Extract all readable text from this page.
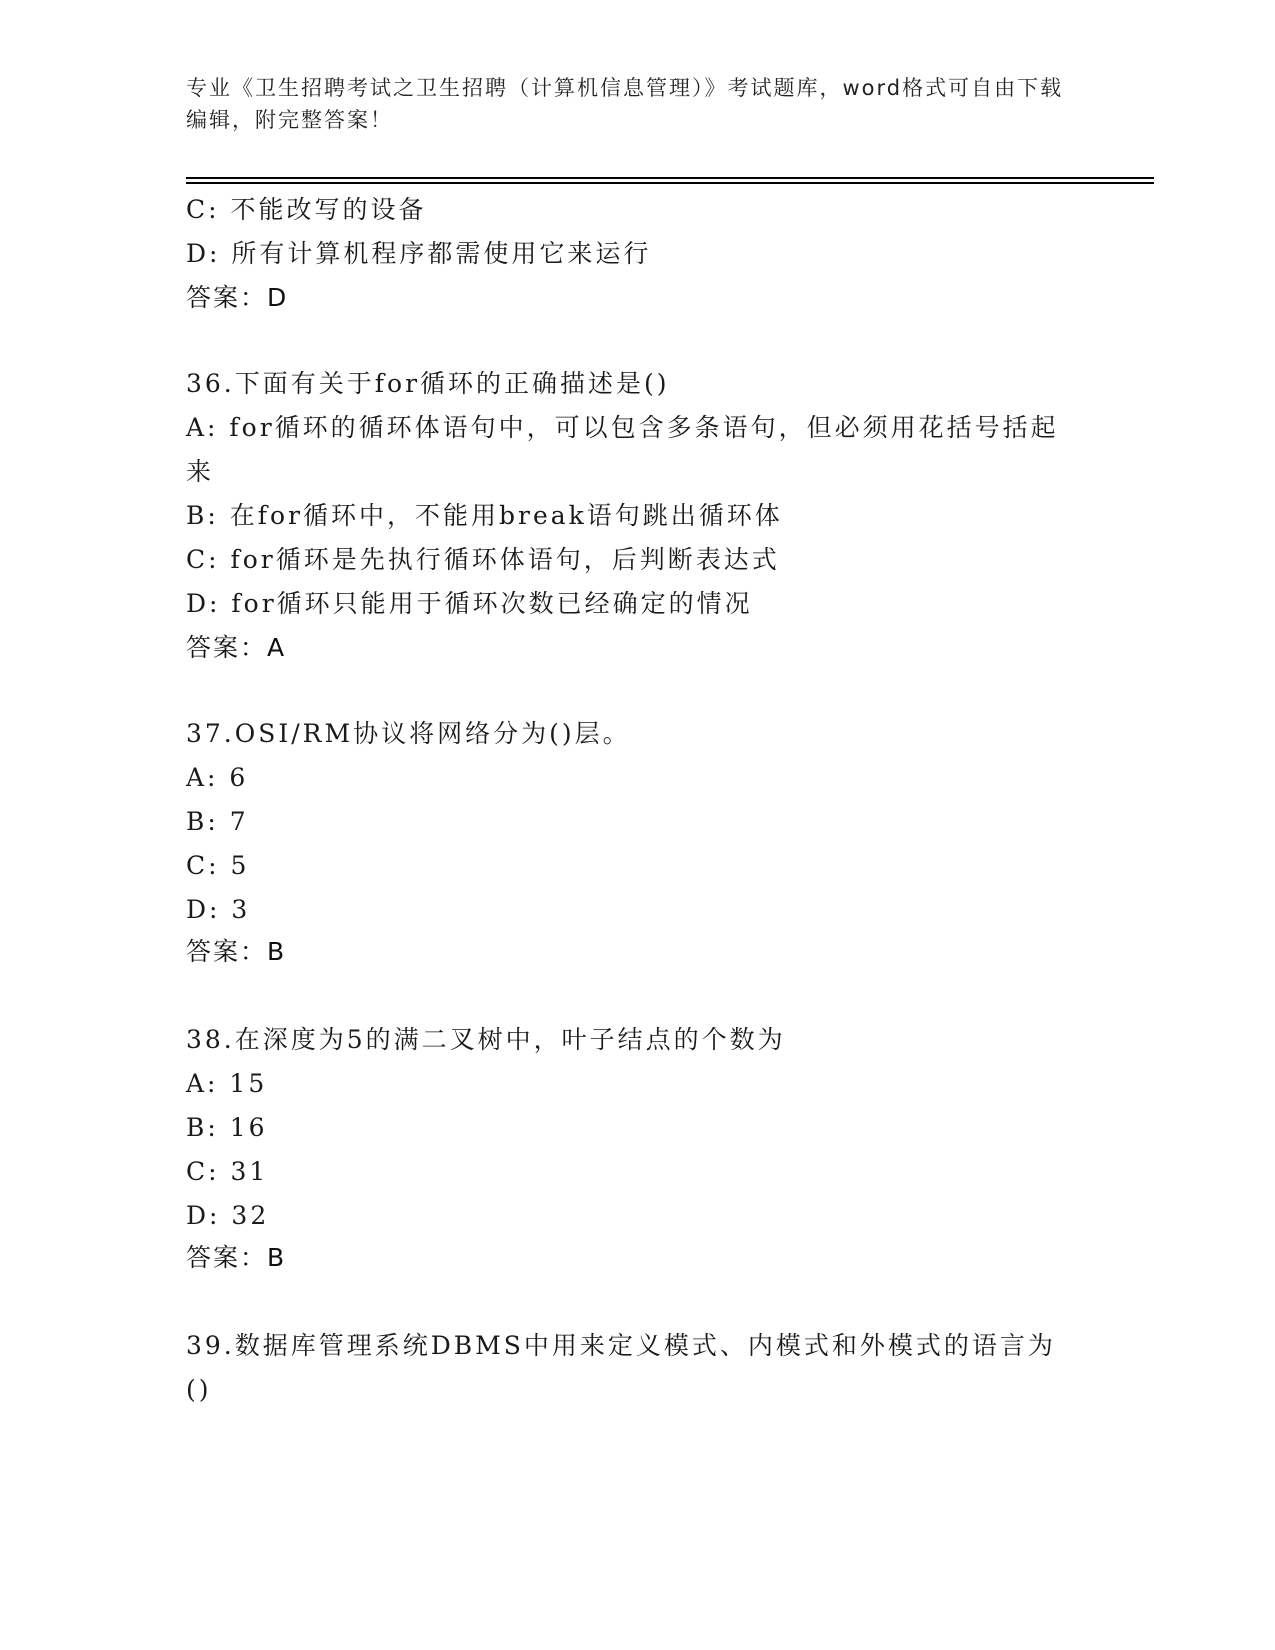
专业《卫生招聘考试之卫生招聘（计算机信息管理）》考试题库，word格式可自由下载编辑，附完整答案！
C: 不能改写的设备
D: 所有计算机程序都需使用它来运行
答案：D
36.下面有关于for循环的正确描述是()
A: for循环的循环体语句中，可以包含多条语句，但必须用花括号括起来
B: 在for循环中，不能用break语句跳出循环体
C: for循环是先执行循环体语句，后判断表达式
D: for循环只能用于循环次数已经确定的情况
答案：A
37.OSI/RM协议将网络分为()层。
A: 6
B: 7
C: 5
D: 3
答案：B
38.在深度为5的满二叉树中，叶子结点的个数为
A: 15
B: 16
C: 31
D: 32
答案：B
39.数据库管理系统DBMS中用来定义模式、内模式和外模式的语言为()
